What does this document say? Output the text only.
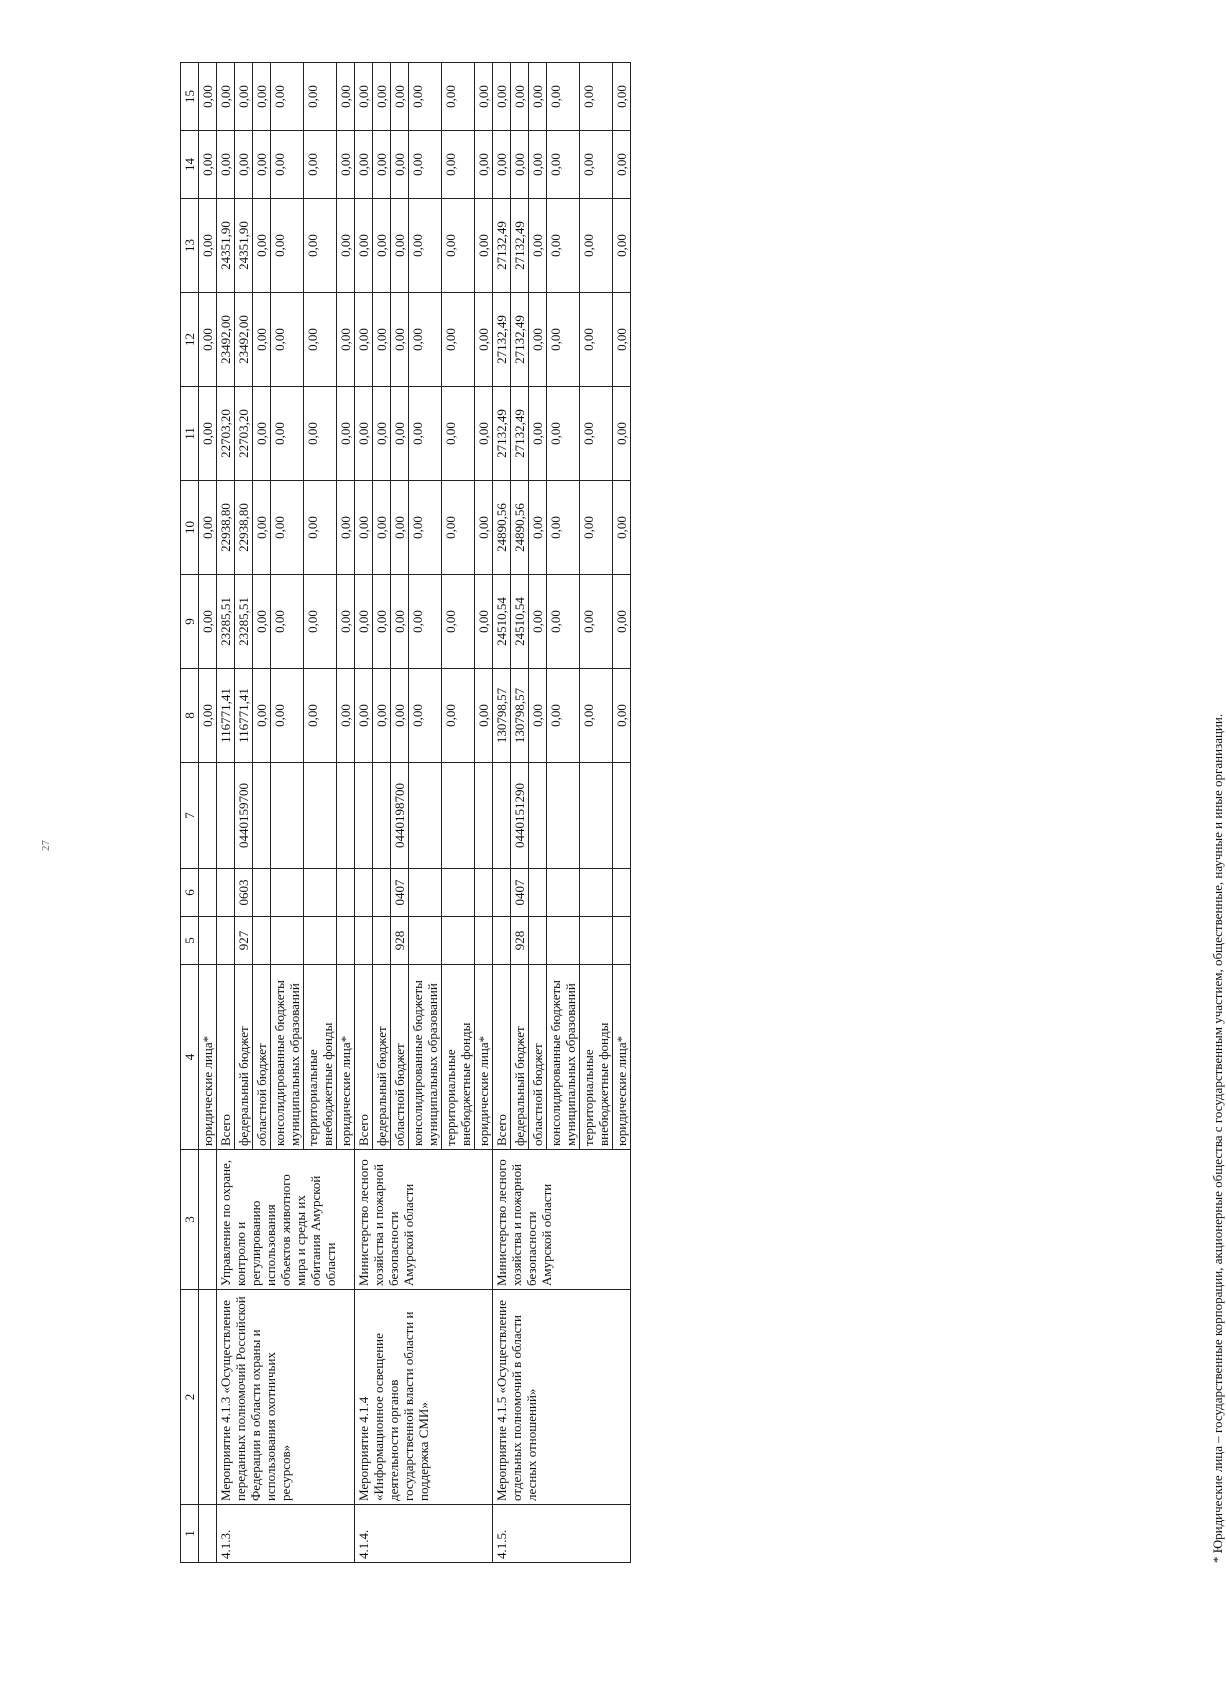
27
1	2	3	4	5	6	7	8	9	10	11	12	13	14	15
			юридические лица*				0,00	0,00	0,00	0,00	0,00	0,00	0,00	0,00
4.1.3.	Мероприятие 4.1.3 «Осуществление переданных полномочий Российской Федерации в области охраны и использования охотничьих ресурсов»	Управление по охране, контролю и регулированию использования объектов животного мира и среды их обитания Амурской области	Всего				116771,41	23285,51	22938,80	22703,20	23492,00	24351,90	0,00	0,00
			федеральный бюджет	927	0603	0440159700	116771,41	23285,51	22938,80	22703,20	23492,00	24351,90	0,00	0,00
			областной бюджет				0,00	0,00	0,00	0,00	0,00	0,00	0,00	0,00
			консолидированные бюджеты муниципальных образований				0,00	0,00	0,00	0,00	0,00	0,00	0,00	0,00
			территориальные внебюджетные фонды				0,00	0,00	0,00	0,00	0,00	0,00	0,00	0,00
			юридические лица*				0,00	0,00	0,00	0,00	0,00	0,00	0,00	0,00
4.1.4.	Мероприятие 4.1.4 «Информационное освещение деятельности органов государственной власти области и поддержка СМИ»	Министерство лесного хозяйства и пожарной безопасности Амурской области	Всего				0,00	0,00	0,00	0,00	0,00	0,00	0,00	0,00
			федеральный бюджет				0,00	0,00	0,00	0,00	0,00	0,00	0,00	0,00
			областной бюджет	928	0407	0440198700	0,00	0,00	0,00	0,00	0,00	0,00	0,00	0,00
			консолидированные бюджеты муниципальных образований				0,00	0,00	0,00	0,00	0,00	0,00	0,00	0,00
			территориальные внебюджетные фонды				0,00	0,00	0,00	0,00	0,00	0,00	0,00	0,00
			юридические лица*				0,00	0,00	0,00	0,00	0,00	0,00	0,00	0,00
4.1.5.	Мероприятие 4.1.5 «Осуществление отдельных полномочий в области лесных отношений»	Министерство лесного хозяйства и пожарной безопасности Амурской области	Всего				130798,57	24510,54	24890,56	27132,49	27132,49	27132,49	0,00	0,00
			федеральный бюджет	928	0407	0440151290	130798,57	24510,54	24890,56	27132,49	27132,49	27132,49	0,00	0,00
			областной бюджет				0,00	0,00	0,00	0,00	0,00	0,00	0,00	0,00
			консолидированные бюджеты муниципальных образований				0,00	0,00	0,00	0,00	0,00	0,00	0,00	0,00
			территориальные внебюджетные фонды				0,00	0,00	0,00	0,00	0,00	0,00	0,00	0,00
			юридические лица*				0,00	0,00	0,00	0,00	0,00	0,00	0,00	0,00
* Юридические лица – государственные корпорации, акционерные общества с государственным участием, общественные, научные и иные организации.
